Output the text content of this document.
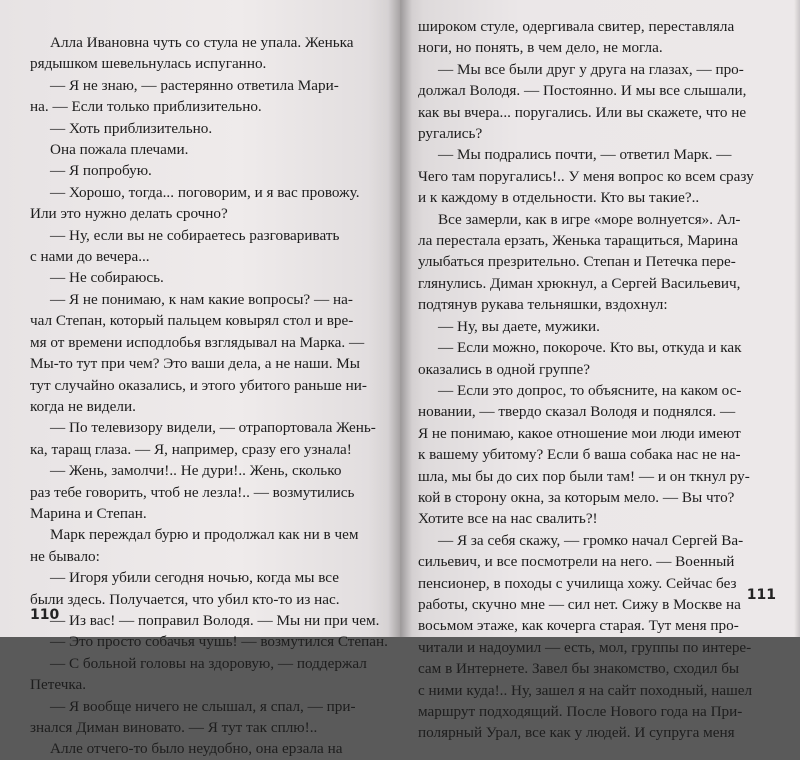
Алла Ивановна чуть со стула не упала. Женька

рядышком шевельнулась испуганно.

— Я не знаю, — растерянно ответила Мари-

на. — Если только приблизительно.

— Хоть приблизительно.

Она пожала плечами.

— Я попробую.

— Хорошо, тогда... поговорим, и я вас провожу.

Или это нужно делать срочно?

— Ну, если вы не собираетесь разговаривать

с нами до вечера...

— Не собираюсь.

— Я не понимаю, к нам какие вопросы? — на-

чал Степан, который пальцем ковырял стол и вре-

мя от времени исподлобья взглядывал на Марка. —

Мы-то тут при чем? Это ваши дела, а не наши. Мы

тут случайно оказались, и этого убитого раньше ни-

когда не видели.

— По телевизору видели, — отрапортовала Жень-

ка, таращ глаза. — Я, например, сразу его узнала!

— Жень, замолчи!.. Не дури!.. Жень, сколько

раз тебе говорить, чтоб не лезла!.. — возмутились

Марина и Степан.

Марк переждал бурю и продолжал как ни в чем

не бывало:

— Игоря убили сегодня ночью, когда мы все

были здесь. Получается, что убил кто-то из нас.

— Из вас! — поправил Володя. — Мы ни при чем.

— Это просто собачья чушь! — возмутился Степан.

— С больной головы на здоровую, — поддержал

Петечка.

— Я вообще ничего не слышал, я спал, — при-

знался Диман виновато. — Я тут так сплю!..

Алле отчего-то было неудобно, она ерзала на

110

широком стуле, одергивала свитер, переставляла

ноги, но понять, в чем дело, не могла.

— Мы все были друг у друга на глазах, — про-

должал Володя. — Постоянно. И мы все слышали,

как вы вчера... поругались. Или вы скажете, что не

ругались?

— Мы подрались почти, — ответил Марк. —

Чего там поругались!.. У меня вопрос ко всем сразу

и к каждому в отдельности. Кто вы такие?..

Все замерли, как в игре «море волнуется». Ал-

ла перестала ерзать, Женька таращиться, Марина

улыбаться презрительно. Степан и Петечка пере-

глянулись. Диман хрюкнул, а Сергей Васильевич,

подтянув рукава тельняшки, вздохнул:

— Ну, вы даете, мужики.

— Если можно, покороче. Кто вы, откуда и как

оказались в одной группе?

— Если это допрос, то объясните, на каком ос-

новании, — твердо сказал Володя и поднялся. —

Я не понимаю, какое отношение мои люди имеют

к вашему убитому? Если б ваша собака нас не на-

шла, мы бы до сих пор были там! — и он ткнул ру-

кой в сторону окна, за которым мело. — Вы что?

Хотите все на нас свалить?!

— Я за себя скажу, — громко начал Сергей Ва-

сильевич, и все посмотрели на него. — Военный

пенсионер, в походы с училища хожу. Сейчас без

работы, скучно мне — сил нет. Сижу в Москве на

восьмом этаже, как кочерга старая. Тут меня про-

читали и надоумил — есть, мол, группы по интере-

сам в Интернете. Завел бы знакомство, сходил бы

с ними куда!.. Ну, зашел я на сайт походный, нашел

маршрут подходящий. После Нового года на При-

полярный Урал, все как у людей. И супруга меня

111
